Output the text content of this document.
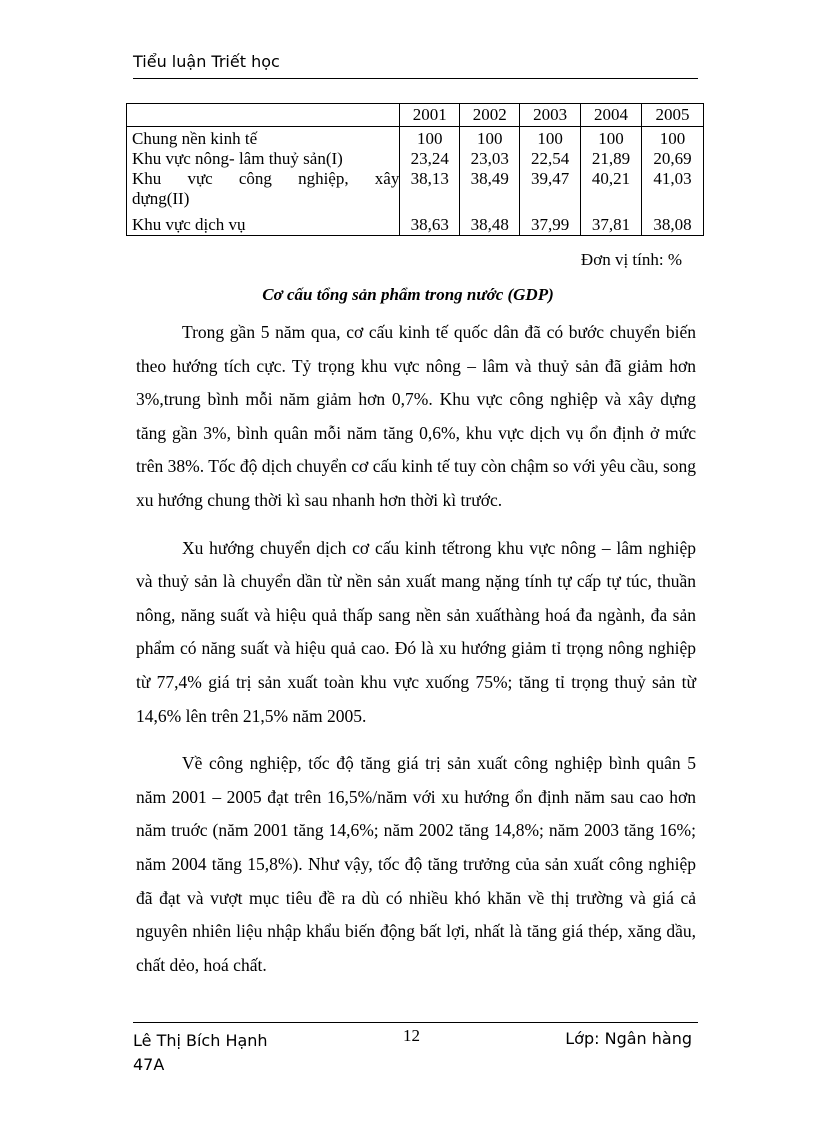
Tiểu luận Triết học
	2001	2002	2003	2004	2005
Chung nền kinh tế	100	100	100	100	100
Khu vực nông- lâm thuỷ sản(I)	23,24	23,03	22,54	21,89	20,69

Khu vực công nghiệp, xây
dựng(II)	38,13	38,49	39,47	40,21	41,03
Khu vực dịch vụ	38,63	38,48	37,99	37,81	38,08
Đơn vị tính: %
Cơ cấu tổng sản phẩm trong nước (GDP)

Trong gần 5 năm qua, cơ cấu kinh tế quốc dân đã có bước chuyển biến theo hướng tích cực. Tỷ trọng khu vực nông – lâm và thuỷ sản đã giảm hơn 3%,trung bình mỗi năm giảm hơn 0,7%. Khu vực công nghiệp và xây dựng tăng gần 3%, bình quân mỗi năm tăng 0,6%, khu vực dịch vụ ổn định ở mức trên 38%. Tốc độ dịch chuyển cơ cấu kinh tế tuy còn chậm so với yêu cầu, song xu hướng chung thời kì sau nhanh hơn thời kì trước.

Xu hướng chuyển dịch cơ cấu kinh tếtrong khu vực nông – lâm nghiệp và thuỷ sản là chuyển dần từ nền sản xuất mang nặng tính tự cấp tự túc, thuần nông, năng suất và hiệu quả thấp sang nền sản xuấthàng hoá đa ngành, đa sản phẩm có năng suất và hiệu quả cao. Đó là xu hướng giảm tỉ trọng nông nghiệp từ 77,4% giá trị sản xuất toàn khu vực xuống 75%; tăng tỉ trọng thuỷ sản từ 14,6% lên trên 21,5% năm 2005.

Về công nghiệp, tốc độ tăng giá trị sản xuất công nghiệp bình quân 5 năm 2001 – 2005 đạt trên 16,5%/năm với xu hướng ổn định năm sau cao hơn năm truớc (năm 2001 tăng 14,6%; năm 2002 tăng 14,8%; năm 2003 tăng 16%; năm 2004 tăng 15,8%). Như vậy, tốc độ tăng trưởng của sản xuất công nghiệp đã đạt và vượt mục tiêu đề ra dù có nhiều khó khăn về thị trường và giá cả nguyên nhiên liệu nhập khẩu biến động bất lợi, nhất là tăng giá thép, xăng dầu, chất dẻo, hoá chất.

Lê Thị Bích Hạnh 47A
12	Lớp: Ngân hàng
